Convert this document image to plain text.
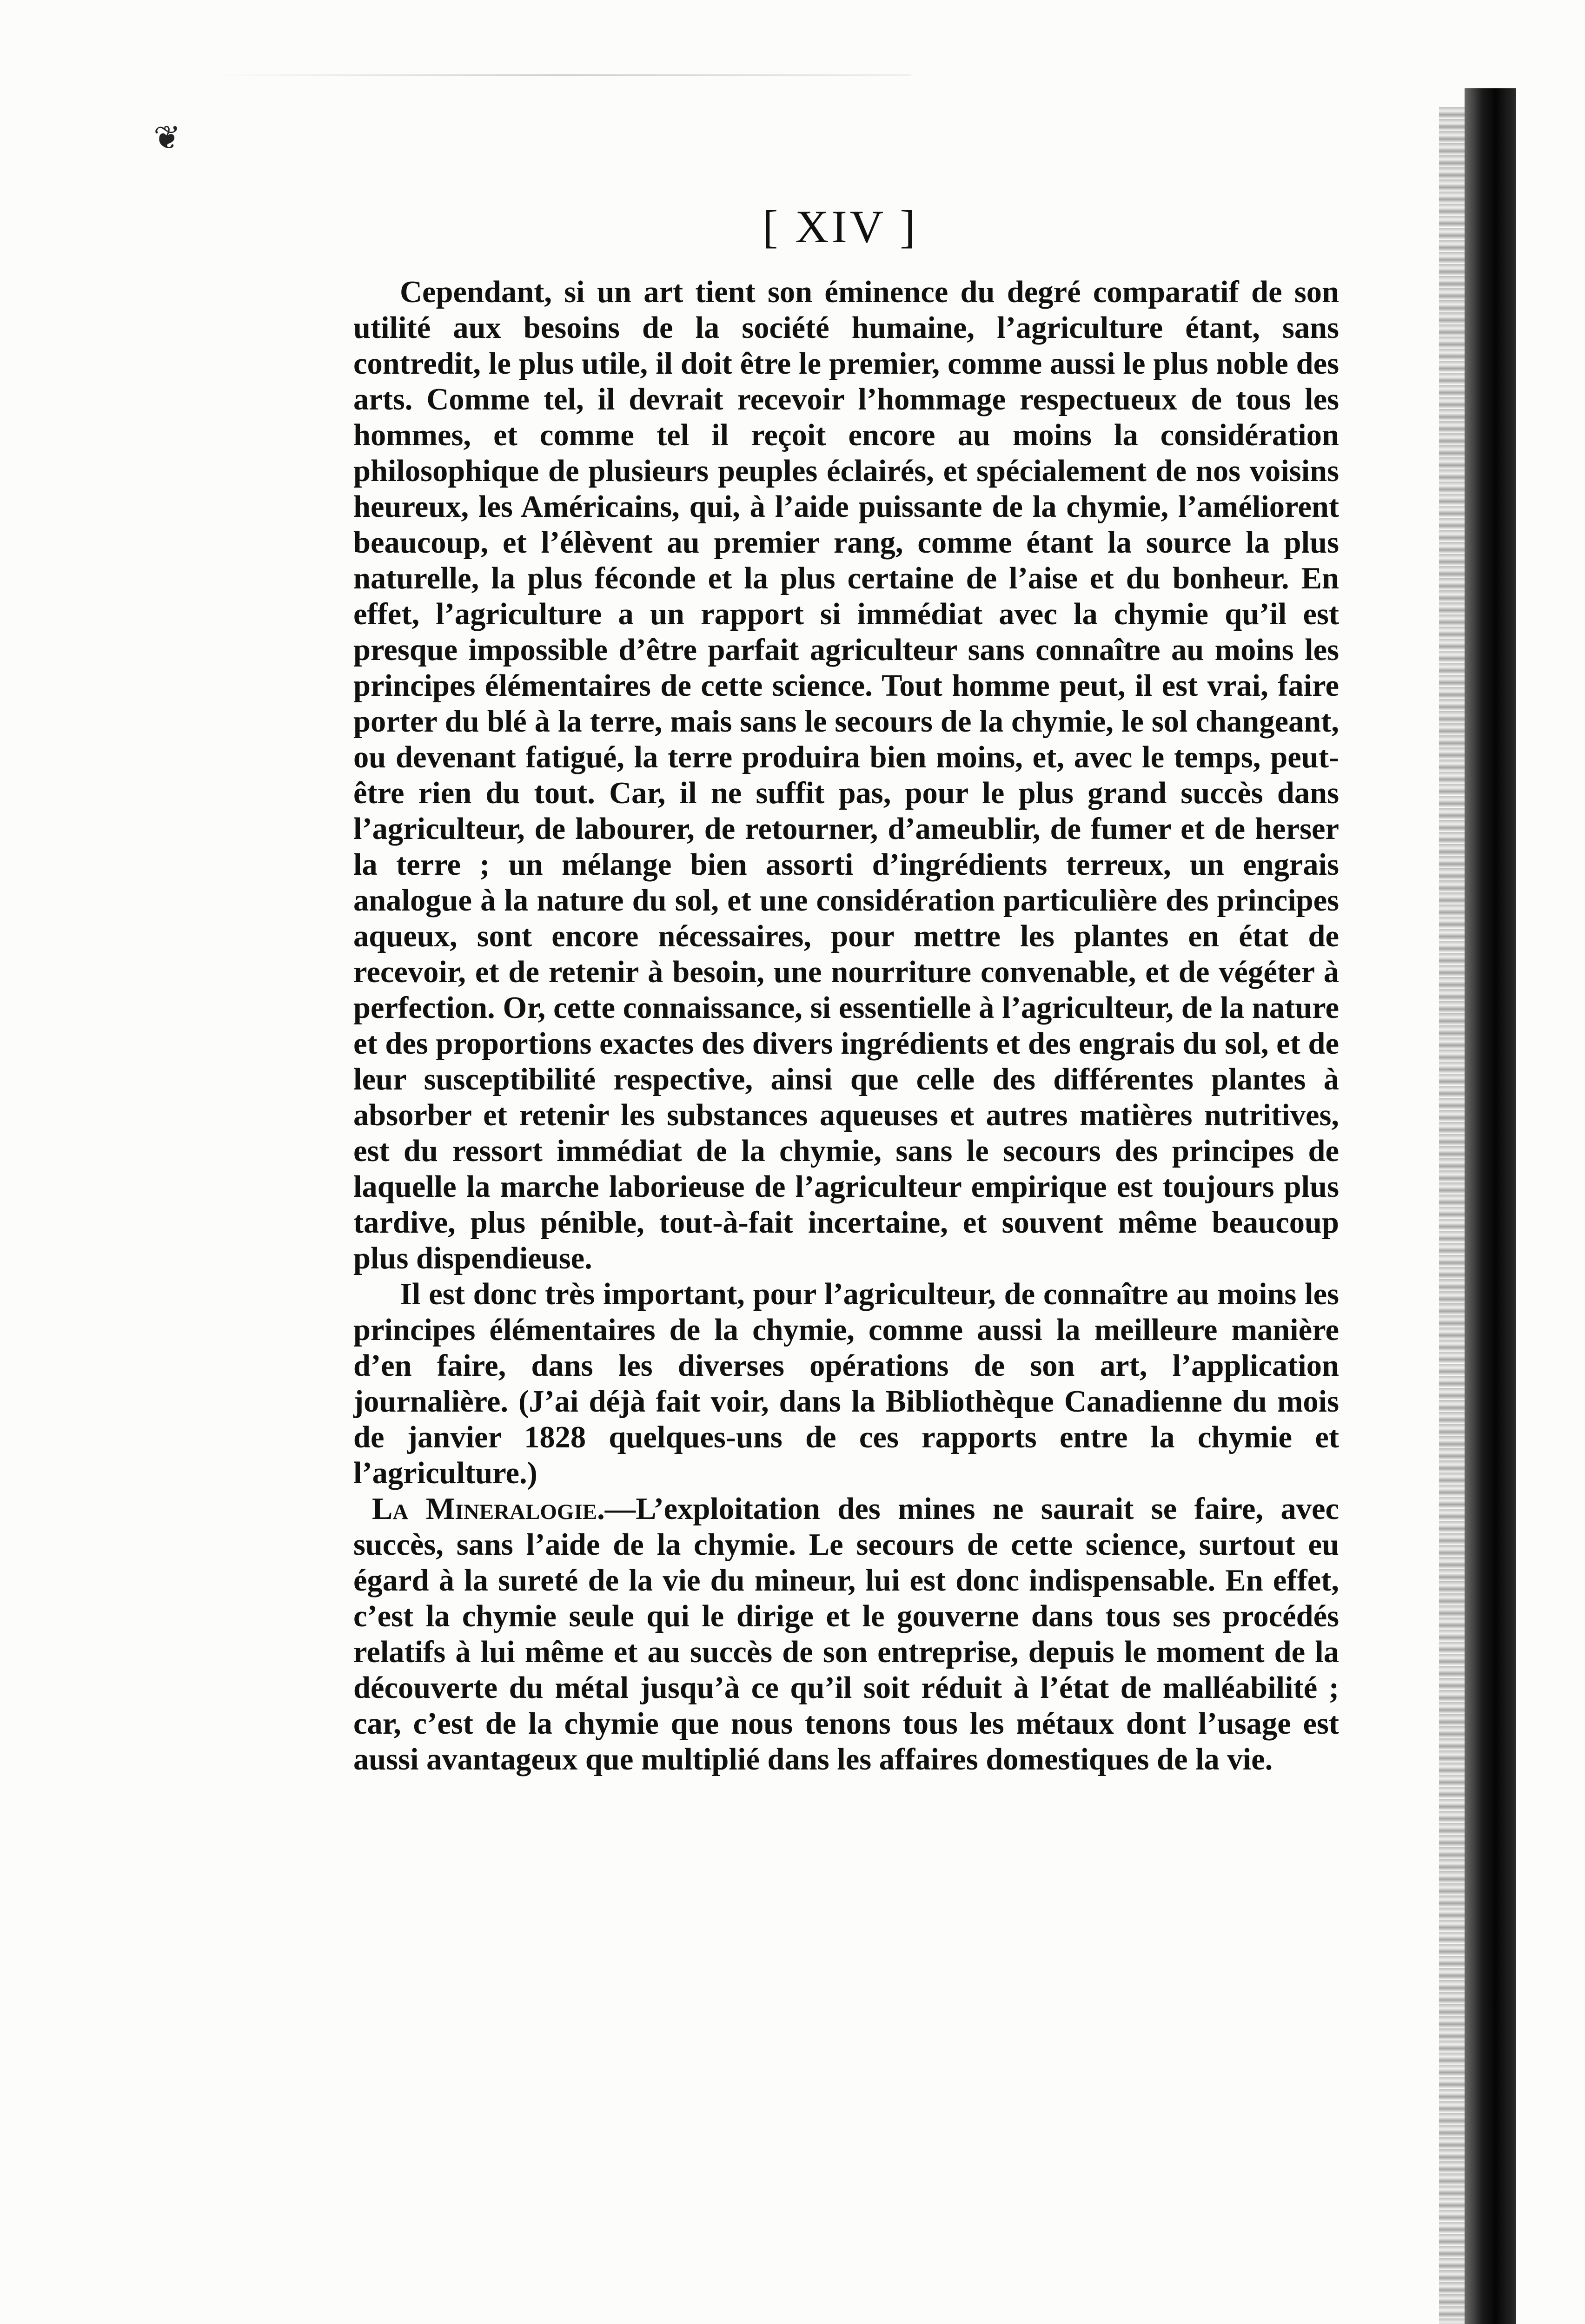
❦
[ XIV ]

Cependant, si un art tient son éminence du degré comparatif de son utilité aux besoins de la société humaine, l’agriculture étant, sans contredit, le plus utile, il doit être le premier, comme aussi le plus noble des arts. Comme tel, il devrait recevoir l’hommage respectueux de tous les hommes, et comme tel il reçoit encore au moins la considération philosophique de plusieurs peuples éclairés, et spécialement de nos voisins heureux, les Américains, qui, à l’aide puissante de la chymie, l’améliorent beaucoup, et l’élèvent au premier rang, comme étant la source la plus naturelle, la plus féconde et la plus certaine de l’aise et du bonheur. En effet, l’agriculture a un rapport si immédiat avec la chymie qu’il est presque impossible d’être parfait agriculteur sans connaître au moins les principes élémentaires de cette science. Tout homme peut, il est vrai, faire porter du blé à la terre, mais sans le secours de la chymie, le sol changeant, ou devenant fatigué, la terre produira bien moins, et, avec le temps, peut-être rien du tout. Car, il ne suffit pas, pour le plus grand succès dans l’agriculteur, de labourer, de retourner, d’ameublir, de fumer et de herser la terre ; un mélange bien assorti d’ingrédients terreux, un engrais analogue à la nature du sol, et une considération particulière des principes aqueux, sont encore nécessaires, pour mettre les plantes en état de recevoir, et de retenir à besoin, une nourriture convenable, et de végéter à perfection. Or, cette connaissance, si essentielle à l’agriculteur, de la nature et des proportions exactes des divers ingrédients et des engrais du sol, et de leur susceptibilité respective, ainsi que celle des différentes plantes à absorber et retenir les substances aqueuses et autres matières nutritives, est du ressort immédiat de la chymie, sans le secours des principes de laquelle la marche laborieuse de l’agriculteur empirique est toujours plus tardive, plus pénible, tout-à-fait incertaine, et souvent même beaucoup plus dispendieuse.

Il est donc très important, pour l’agriculteur, de connaître au moins les principes élémentaires de la chymie, comme aussi la meilleure manière d’en faire, dans les diverses opérations de son art, l’application journalière. (J’ai déjà fait voir, dans la Bibliothèque Canadienne du mois de janvier 1828 quelques-uns de ces rapports entre la chymie et l’agriculture.)

La Mineralogie.—L’exploitation des mines ne saurait se faire, avec succès, sans l’aide de la chymie. Le secours de cette science, surtout eu égard à la sureté de la vie du mineur, lui est donc indispensable. En effet, c’est la chymie seule qui le dirige et le gouverne dans tous ses procédés relatifs à lui même et au succès de son entreprise, depuis le moment de la découverte du métal jusqu’à ce qu’il soit réduit à l’état de malléabilité ; car, c’est de la chymie que nous tenons tous les métaux dont l’usage est aussi avantageux que multiplié dans les affaires domestiques de la vie.
